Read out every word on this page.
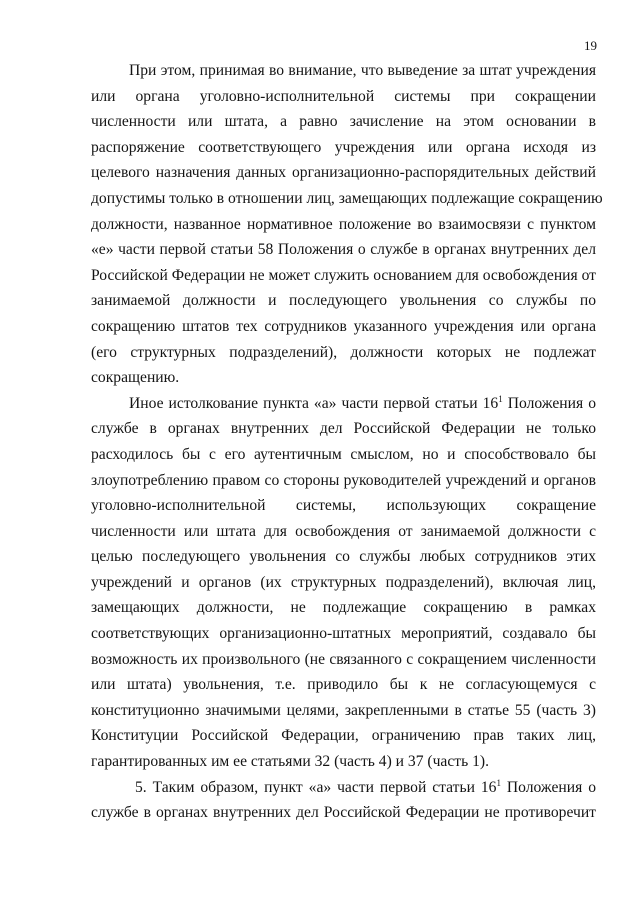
19
При этом, принимая во внимание, что выведение за штат учреждения
или органа уголовно-исполнительной системы при сокращении
численности или штата, а равно зачисление на этом основании в
распоряжение соответствующего учреждения или органа исходя из
целевого назначения данных организационно-распорядительных действий
допустимы только в отношении лиц, замещающих подлежащие сокращению
должности, названное нормативное положение во взаимосвязи с пунктом
«е» части первой статьи 58 Положения о службе в органах внутренних дел
Российской Федерации не может служить основанием для освобождения от
занимаемой должности и последующего увольнения со службы по
сокращению штатов тех сотрудников указанного учреждения или органа
(его структурных подразделений), должности которых не подлежат
сокращению.
Иное истолкование пункта «а» части первой статьи $16^1$ Положения о
службе в органах внутренних дел Российской Федерации не только
расходилось бы с его аутентичным смыслом, но и способствовало бы
злоупотреблению правом со стороны руководителей учреждений и органов
уголовно-исполнительной системы, использующих сокращение
численности или штата для освобождения от занимаемой должности с
целью последующего увольнения со службы любых сотрудников этих
учреждений и органов (их структурных подразделений), включая лиц,
замещающих должности, не подлежащие сокращению в рамках
соответствующих организационно-штатных мероприятий, создавало бы
возможность их произвольного (не связанного с сокращением численности
или штата) увольнения, т.е. приводило бы к не согласующемуся с
конституционно значимыми целями, закрепленными в статье 55 (часть 3)
Конституции Российской Федерации, ограничению прав таких лиц,
гарантированных им ее статьями 32 (часть 4) и 37 (часть 1).
5. Таким образом, пункт «а» части первой статьи $16^1$ Положения о
службе в органах внутренних дел Российской Федерации не противоречит
